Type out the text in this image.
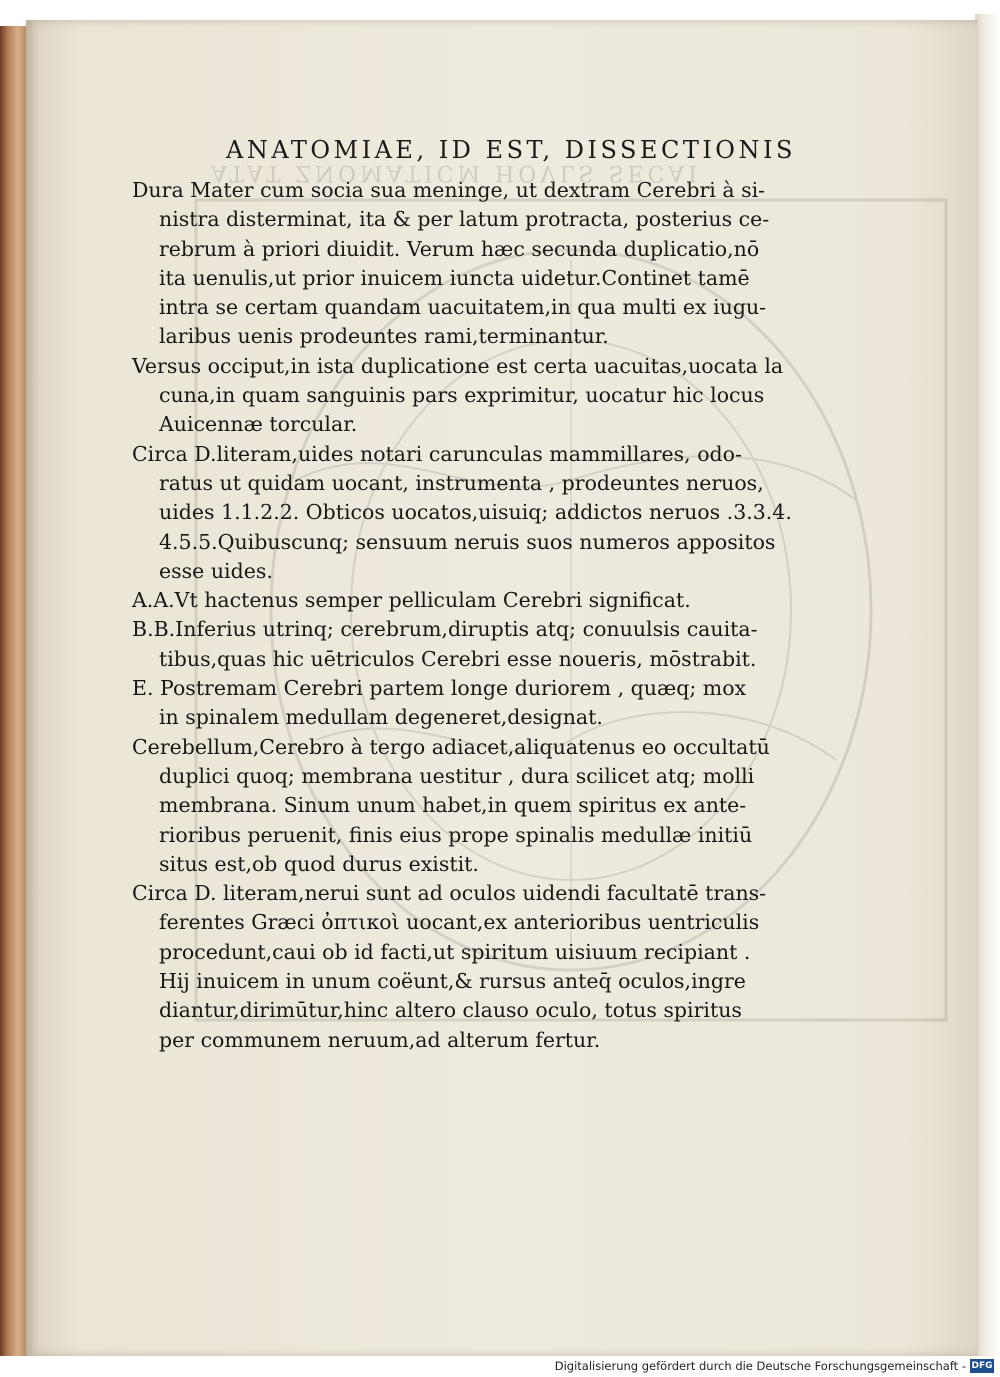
ATAT ZNOMATICM HOVLS SECAI
ANATOMIAE, ID EST, DISSECTIONIS
Dura Mater cum socia sua meninge, ut dextram Cerebri à si-
nistra disterminat, ita & per latum protracta, posterius ce-
rebrum à priori diuidit. Verum hæc secunda duplicatio,nō
ita uenulis,ut prior inuicem iuncta uidetur.Continet tamē
intra se certam quandam uacuitatem,in qua multi ex iugu-
laribus uenis prodeuntes rami,terminantur.
Versus occiput,in ista duplicatione est certa uacuitas,uocata la
cuna,in quam sanguinis pars exprimitur, uocatur hic locus
Auicennæ torcular.
Circa D.literam,uides notari carunculas mammillares, odo-
ratus ut quidam uocant, instrumenta , prodeuntes neruos,
uides 1.1.2.2. Obticos uocatos,uisuiq; addictos neruos .3.3.4.
4.5.5.Quibuscunq; sensuum neruis suos numeros appositos
esse uides.
A.A.Vt hactenus semper pelliculam Cerebri significat.
B.B.Inferius utrinq; cerebrum,diruptis atq; conuulsis cauita-
tibus,quas hic uētriculos Cerebri esse noueris, mōstrabit.
E. Postremam Cerebri partem longe duriorem , quæq; mox
in spinalem medullam degeneret,designat.
Cerebellum,Cerebro à tergo adiacet,aliquatenus eo occultatū
duplici quoq; membrana uestitur , dura scilicet atq; molli
membrana. Sinum unum habet,in quem spiritus ex ante-
rioribus peruenit, finis eius prope spinalis medullæ initiū
situs est,ob quod durus existit.
Circa D. literam,nerui sunt ad oculos uidendi facultatē trans-
ferentes Græci ὀπτικοὶ uocant,ex anterioribus uentriculis
procedunt,caui ob id facti,ut spiritum uisiuum recipiant .
Hij inuicem in unum coëunt,& rursus anteq̄ oculos,ingre
diantur,dirimūtur,hinc altero clauso oculo, totus spiritus
per communem neruum,ad alterum fertur.
Digitalisierung gefördert durch die Deutsche Forschungsgemeinschaft - DFG
